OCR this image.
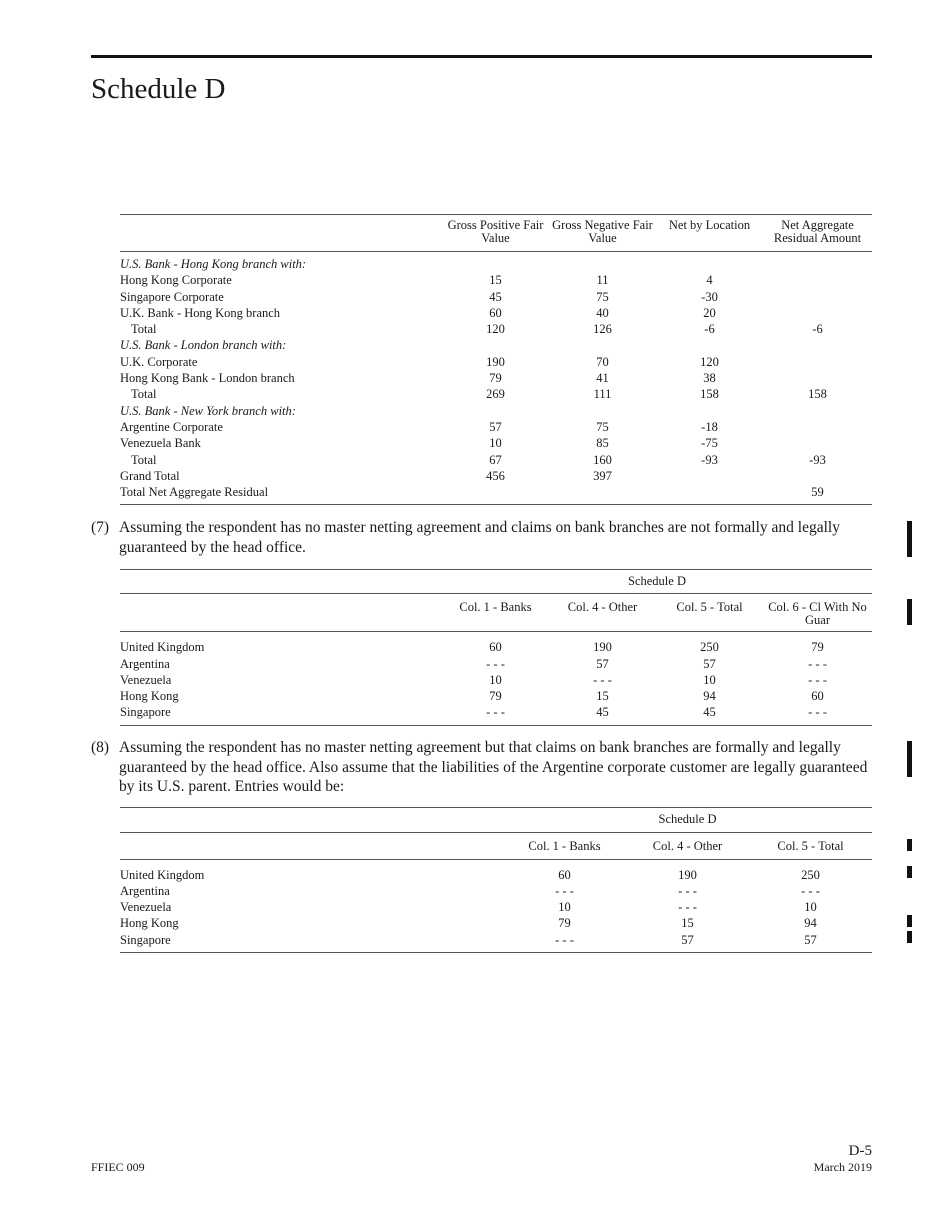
Schedule D
	Gross Positive Fair Value	Gross Negative Fair Value	Net by Location	Net Aggregate Residual Amount
U.S. Bank - Hong Kong branch with:				
Hong Kong Corporate	15	11	4	
Singapore Corporate	45	75	-30	
U.K. Bank - Hong Kong branch	60	40	20	
Total	120	126	-6	-6
U.S. Bank - London branch with:				
U.K. Corporate	190	70	120	
Hong Kong Bank - London branch	79	41	38	
Total	269	111	158	158
U.S. Bank - New York branch with:				
Argentine Corporate	57	75	-18	
Venezuela Bank	10	85	-75	
Total	67	160	-93	-93
Grand Total	456	397		
Total Net Aggregate Residual				59
(7) Assuming the respondent has no master netting agreement and claims on bank branches are not formally and legally guaranteed by the head office.
	Schedule D			
	Col. 1 - Banks	Col. 4 - Other	Col. 5 - Total	Col. 6 - Cl With No Guar
United Kingdom	60	190	250	79
Argentina	- - -	57	57	- - -
Venezuela	10	- - -	10	- - -
Hong Kong	79	15	94	60
Singapore	- - -	45	45	- - -
(8) Assuming the respondent has no master netting agreement but that claims on bank branches are formally and legally guaranteed by the head office. Also assume that the liabilities of the Argentine corporate customer are legally guaranteed by its U.S. parent. Entries would be:
	Schedule D		
	Col. 1 - Banks	Col. 4 - Other	Col. 5 - Total
United Kingdom	60	190	250
Argentina	- - -	- - -	- - -
Venezuela	10	- - -	10
Hong Kong	79	15	94
Singapore	- - -	57	57
FFIEC 009
D-5
March 2019
